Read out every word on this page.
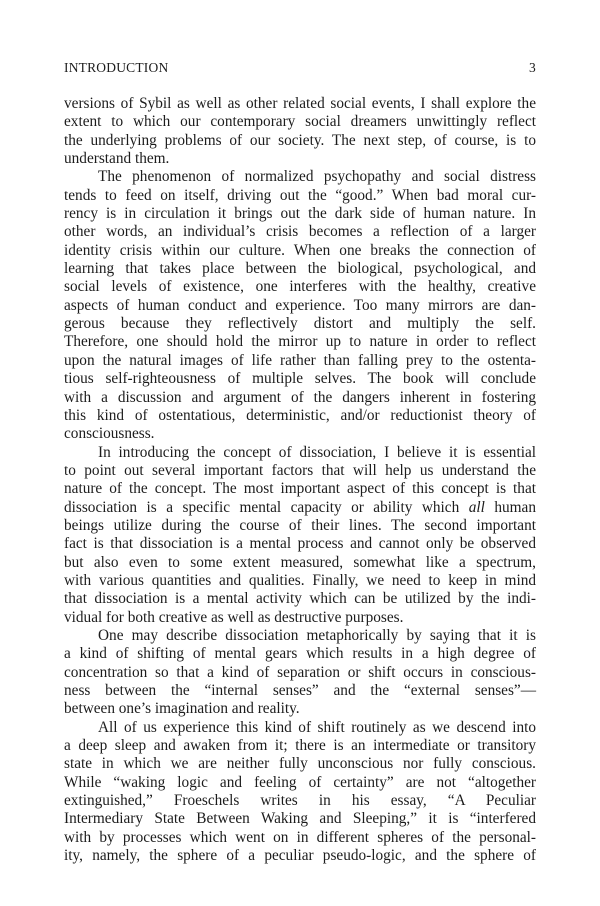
INTRODUCTION	3

versions of Sybil as well as other related social events, I shall explore the
extent to which our contemporary social dreamers unwittingly reflect
the underlying problems of our society. The next step, of course, is to
understand them.

The phenomenon of normalized psychopathy and social distress
tends to feed on itself, driving out the “good.” When bad moral cur-
rency is in circulation it brings out the dark side of human nature. In
other words, an individual’s crisis becomes a reflection of a larger
identity crisis within our culture. When one breaks the connection of
learning that takes place between the biological, psychological, and
social levels of existence, one interferes with the healthy, creative
aspects of human conduct and experience. Too many mirrors are dan-
gerous because they reflectively distort and multiply the self.
Therefore, one should hold the mirror up to nature in order to reflect
upon the natural images of life rather than falling prey to the ostenta-
tious self-righteousness of multiple selves. The book will conclude
with a discussion and argument of the dangers inherent in fostering
this kind of ostentatious, deterministic, and/or reductionist theory of
consciousness.

In introducing the concept of dissociation, I believe it is essential
to point out several important factors that will help us understand the
nature of the concept. The most important aspect of this concept is that
dissociation is a specific mental capacity or ability which all human
beings utilize during the course of their lines. The second important
fact is that dissociation is a mental process and cannot only be observed
but also even to some extent measured, somewhat like a spectrum,
with various quantities and qualities. Finally, we need to keep in mind
that dissociation is a mental activity which can be utilized by the indi-
vidual for both creative as well as destructive purposes.

One may describe dissociation metaphorically by saying that it is
a kind of shifting of mental gears which results in a high degree of
concentration so that a kind of separation or shift occurs in conscious-
ness between the “internal senses” and the “external senses”—
between one’s imagination and reality.

All of us experience this kind of shift routinely as we descend into
a deep sleep and awaken from it; there is an intermediate or transitory
state in which we are neither fully unconscious nor fully conscious.
While “waking logic and feeling of certainty” are not “altogether
extinguished,” Froeschels writes in his essay, “A Peculiar
Intermediary State Between Waking and Sleeping,” it is “interfered
with by processes which went on in different spheres of the personal-
ity, namely, the sphere of a peculiar pseudo-logic, and the sphere of
